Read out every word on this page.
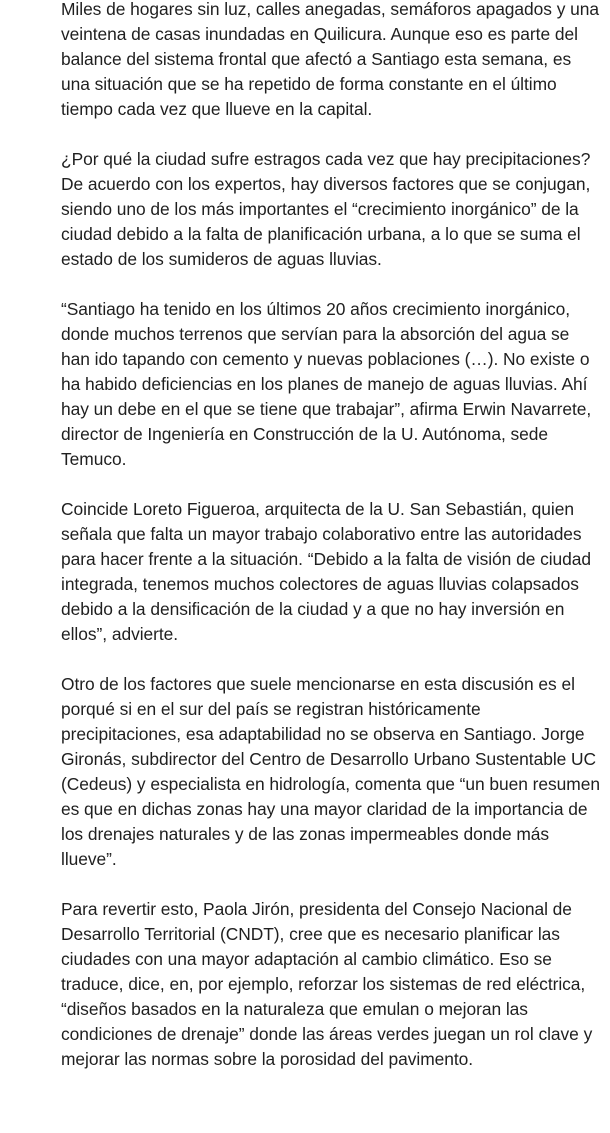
Miles de hogares sin luz, calles anegadas, semáforos apagados y una veintena de casas inundadas en Quilicura. Aunque eso es parte del balance del sistema frontal que afectó a Santiago esta semana, es una situación que se ha repetido de forma constante en el último tiempo cada vez que llueve en la capital.

¿Por qué la ciudad sufre estragos cada vez que hay precipitaciones? De acuerdo con los expertos, hay diversos factores que se conjugan, siendo uno de los más importantes el “crecimiento inorgánico” de la ciudad debido a la falta de planificación urbana, a lo que se suma el estado de los sumideros de aguas lluvias.

“Santiago ha tenido en los últimos 20 años crecimiento inorgánico, donde muchos terrenos que servían para la absorción del agua se han ido tapando con cemento y nuevas poblaciones (…). No existe o ha habido deficiencias en los planes de manejo de aguas lluvias. Ahí hay un debe en el que se tiene que trabajar”, afirma Erwin Navarrete, director de Ingeniería en Construcción de la U. Autónoma, sede Temuco.

Coincide Loreto Figueroa, arquitecta de la U. San Sebastián, quien señala que falta un mayor trabajo colaborativo entre las autoridades para hacer frente a la situación. “Debido a la falta de visión de ciudad integrada, tenemos muchos colectores de aguas lluvias colapsados debido a la densificación de la ciudad y a que no hay inversión en ellos”, advierte.

Otro de los factores que suele mencionarse en esta discusión es el porqué si en el sur del país se registran históricamente precipitaciones, esa adaptabilidad no se observa en Santiago. Jorge Gironás, subdirector del Centro de Desarrollo Urbano Sustentable UC (Cedeus) y especialista en hidrología, comenta que “un buen resumen es que en dichas zonas hay una mayor claridad de la importancia de los drenajes naturales y de las zonas impermeables donde más llueve”.

Para revertir esto, Paola Jirón, presidenta del Consejo Nacional de Desarrollo Territorial (CNDT), cree que es necesario planificar las ciudades con una mayor adaptación al cambio climático. Eso se traduce, dice, en, por ejemplo, reforzar los sistemas de red eléctrica, “diseños basados en la naturaleza que emulan o mejoran las condiciones de drenaje” donde las áreas verdes juegan un rol clave y mejorar las normas sobre la porosidad del pavimento.
